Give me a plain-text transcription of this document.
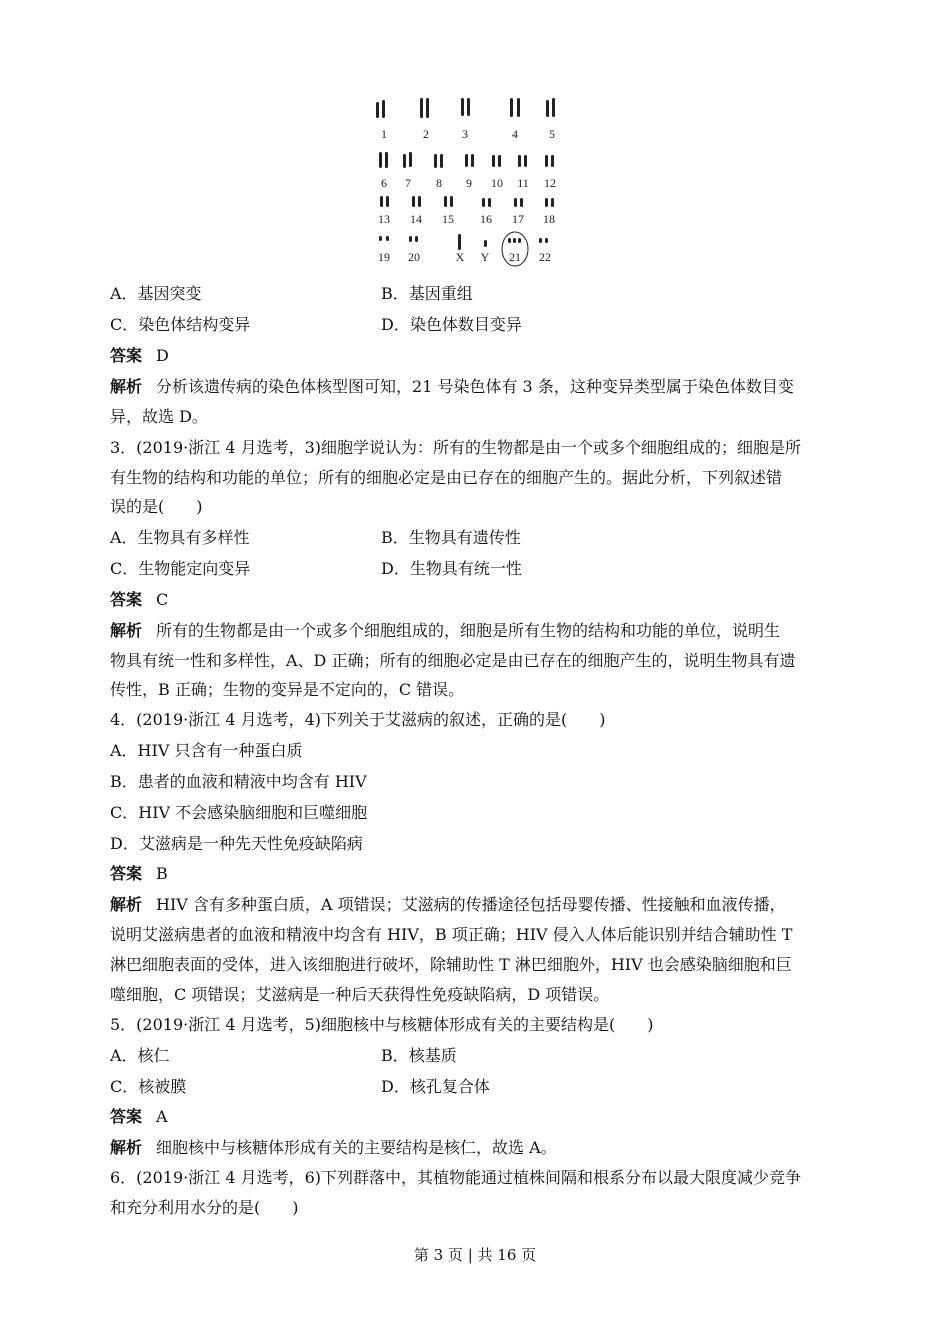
1	2	3	4	5
6 7 8 9 10 11 12
13 14 15 16 17 18
19 20	X Y 21 22
A．基因突变	B．基因重组
C．染色体结构变异	D．染色体数目变异
答案 D
解析 分析该遗传病的染色体核型图可知，21 号染色体有 3 条，这种变异类型属于染色体数目变
异，故选 D。
3．(2019·浙江 4 月选考，3)细胞学说认为：所有的生物都是由一个或多个细胞组成的；细胞是所
有生物的结构和功能的单位；所有的细胞必定是由已存在的细胞产生的。据此分析，下列叙述错
误的是(　　)
A．生物具有多样性	B．生物具有遗传性
C．生物能定向变异	D．生物具有统一性
答案 C
解析 所有的生物都是由一个或多个细胞组成的，细胞是所有生物的结构和功能的单位，说明生
物具有统一性和多样性，A、D 正确；所有的细胞必定是由已存在的细胞产生的，说明生物具有遗
传性，B 正确；生物的变异是不定向的，C 错误。
4．(2019·浙江 4 月选考，4)下列关于艾滋病的叙述，正确的是(　　)
A．HIV 只含有一种蛋白质
B．患者的血液和精液中均含有 HIV
C．HIV 不会感染脑细胞和巨噬细胞
D．艾滋病是一种先天性免疫缺陷病
答案 B
解析 HIV 含有多种蛋白质，A 项错误；艾滋病的传播途径包括母婴传播、性接触和血液传播，
说明艾滋病患者的血液和精液中均含有 HIV，B 项正确；HIV 侵入人体后能识别并结合辅助性 T
淋巴细胞表面的受体，进入该细胞进行破坏，除辅助性 T 淋巴细胞外，HIV 也会感染脑细胞和巨
噬细胞，C 项错误；艾滋病是一种后天获得性免疫缺陷病，D 项错误。
5．(2019·浙江 4 月选考，5)细胞核中与核糖体形成有关的主要结构是(　　)
A．核仁	B．核基质
C．核被膜	D．核孔复合体
答案 A
解析 细胞核中与核糖体形成有关的主要结构是核仁，故选 A。
6．(2019·浙江 4 月选考，6)下列群落中，其植物能通过植株间隔和根系分布以最大限度减少竞争
和充分利用水分的是(　　)
第 3 页 | 共 16 页
